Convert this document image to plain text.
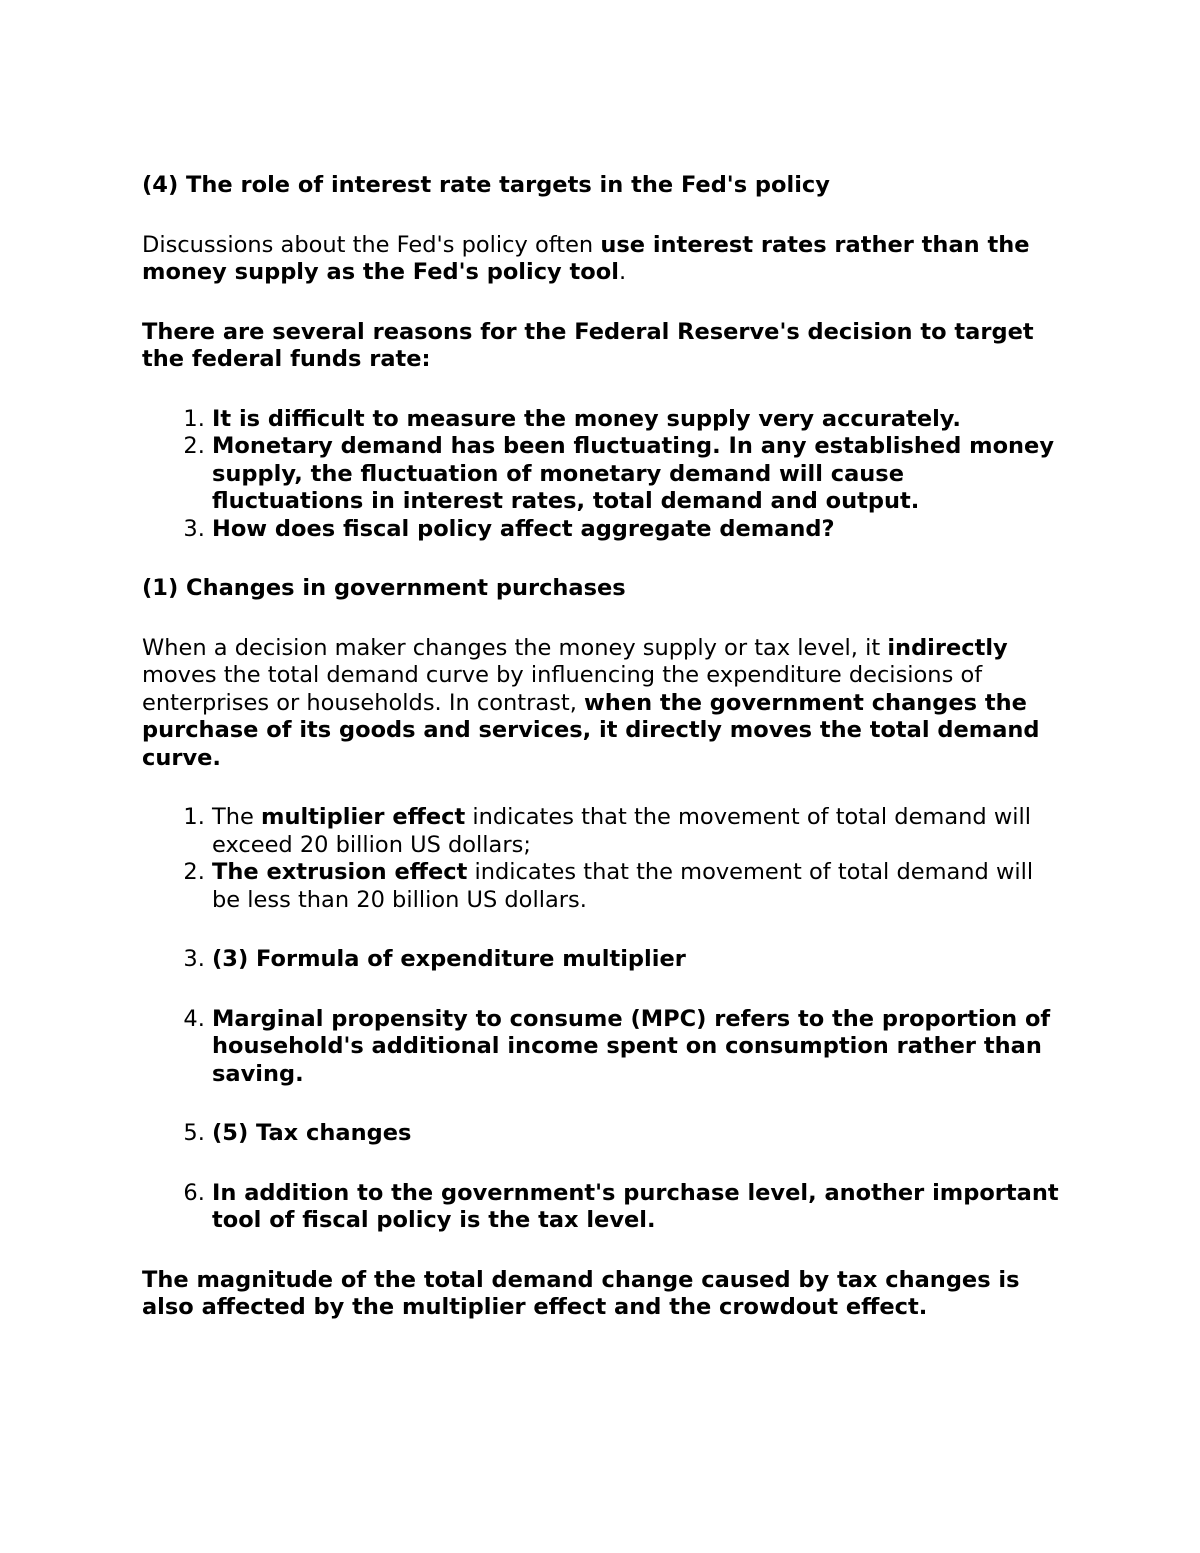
(4) The role of interest rate targets in the Fed's policy

Discussions about the Fed's policy often use interest rates rather than the money supply as the Fed's policy tool.

There are several reasons for the Federal Reserve's decision to target the federal funds rate:

1. It is difficult to measure the money supply very accurately.
2. Monetary demand has been fluctuating. In any established money supply, the fluctuation of monetary demand will cause fluctuations in interest rates, total demand and output.
3. How does fiscal policy affect aggregate demand?
(1) Changes in government purchases

When a decision maker changes the money supply or tax level, it indirectly moves the total demand curve by influencing the expenditure decisions of enterprises or households. In contrast, when the government changes the purchase of its goods and services, it directly moves the total demand curve.

1. The multiplier effect indicates that the movement of total demand will exceed 20 billion US dollars;
2. The extrusion effect indicates that the movement of total demand will be less than 20 billion US dollars.
3. (3) Formula of expenditure multiplier
4. Marginal propensity to consume (MPC) refers to the proportion of household's additional income spent on consumption rather than saving.
5. (5) Tax changes
6. In addition to the government's purchase level, another important tool of fiscal policy is the tax level.

The magnitude of the total demand change caused by tax changes is also affected by the multiplier effect and the crowdout effect.
